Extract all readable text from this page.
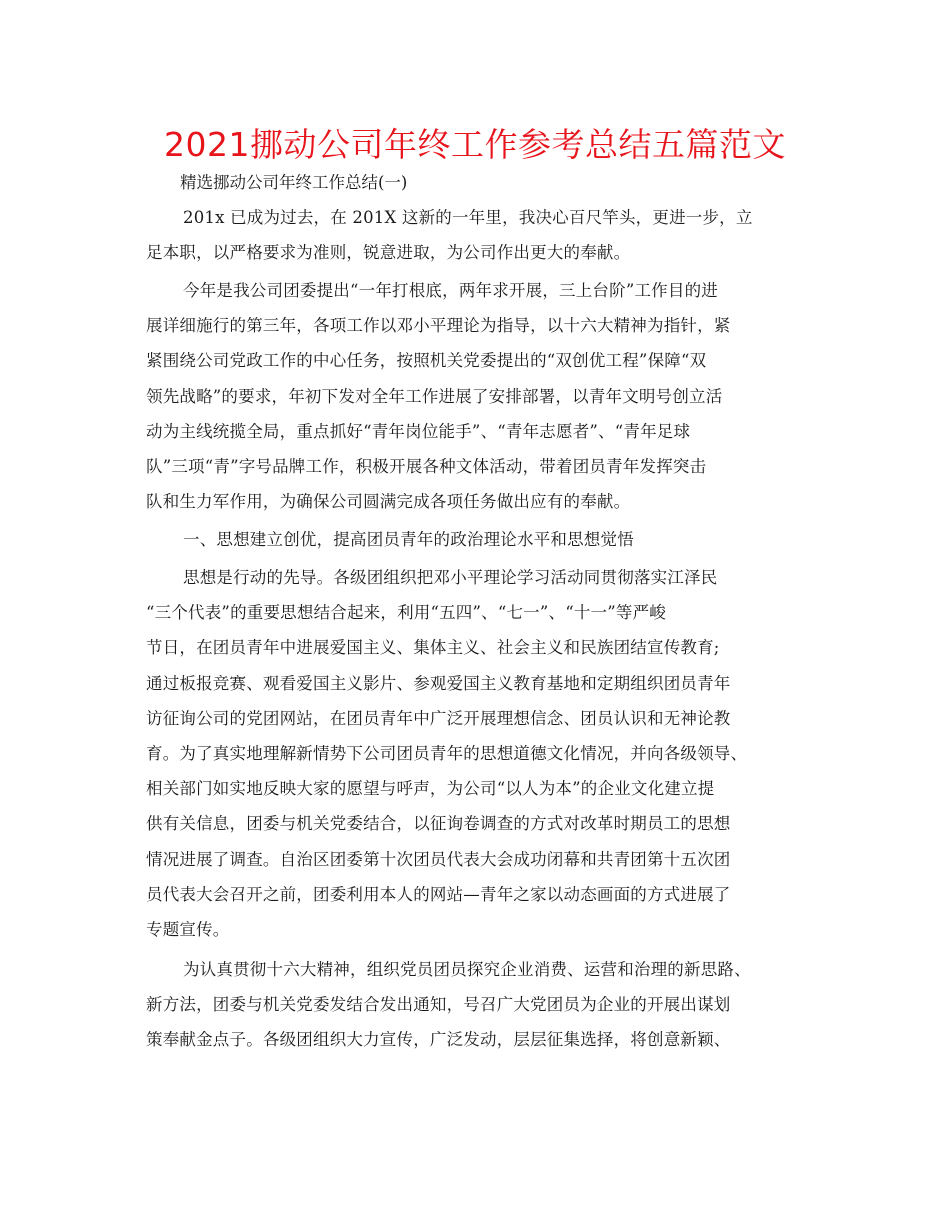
2021挪动公司年终工作参考总结五篇范文
精选挪动公司年终工作总结(一)
201x 已成为过去，在 201X 这新的一年里，我决心百尺竿头，更进一步，立
足本职，以严格要求为准则，锐意进取，为公司作出更大的奉献。
今年是我公司团委提出“一年打根底，两年求开展，三上台阶”工作目的进
展详细施行的第三年，各项工作以邓小平理论为指导，以十六大精神为指针，紧
紧围绕公司党政工作的中心任务，按照机关党委提出的“双创优工程”保障“双
领先战略”的要求，年初下发对全年工作进展了安排部署，以青年文明号创立活
动为主线统揽全局，重点抓好“青年岗位能手”、“青年志愿者”、“青年足球
队”三项“青”字号品牌工作，积极开展各种文体活动，带着团员青年发挥突击
队和生力军作用，为确保公司圆满完成各项任务做出应有的奉献。
一、思想建立创优，提高团员青年的政治理论水平和思想觉悟
思想是行动的先导。各级团组织把邓小平理论学习活动同贯彻落实江泽民
“三个代表”的重要思想结合起来，利用“五四”、“七一”、“十一”等严峻
节日，在团员青年中进展爱国主义、集体主义、社会主义和民族团结宣传教育;
通过板报竞赛、观看爱国主义影片、参观爱国主义教育基地和定期组织团员青年
访征询公司的党团网站，在团员青年中广泛开展理想信念、团员认识和无神论教
育。为了真实地理解新情势下公司团员青年的思想道德文化情况，并向各级领导、
相关部门如实地反映大家的愿望与呼声，为公司“以人为本”的企业文化建立提
供有关信息，团委与机关党委结合，以征询卷调查的方式对改革时期员工的思想
情况进展了调查。自治区团委第十次团员代表大会成功闭幕和共青团第十五次团
员代表大会召开之前，团委利用本人的网站—青年之家以动态画面的方式进展了
专题宣传。
为认真贯彻十六大精神，组织党员团员探究企业消费、运营和治理的新思路、
新方法，团委与机关党委发结合发出通知，号召广大党团员为企业的开展出谋划
策奉献金点子。各级团组织大力宣传，广泛发动，层层征集选择，将创意新颖、
